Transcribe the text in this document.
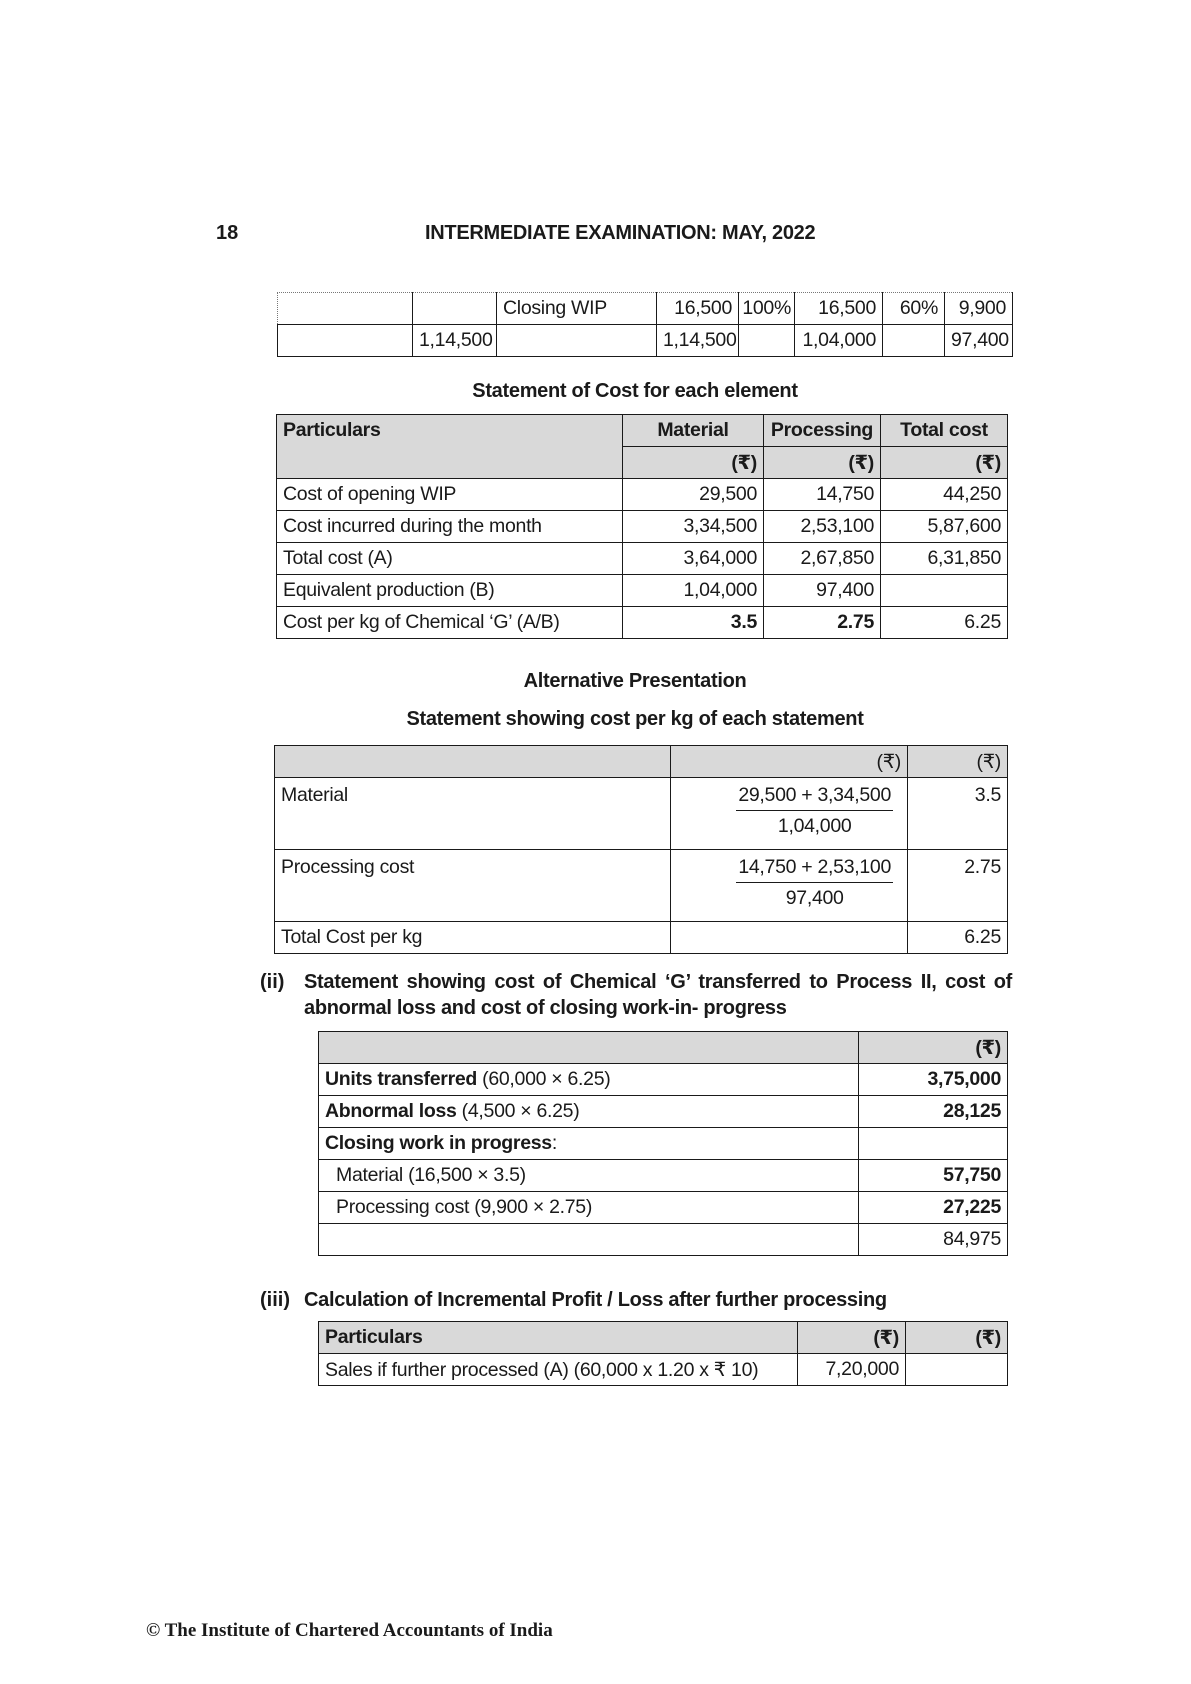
18	INTERMEDIATE EXAMINATION: MAY, 2022
		Closing WIP	16,500	100%	16,500	60%	9,900
	1,14,500		1,14,500		1,04,000		97,400
Statement of Cost for each element
Particulars	Material	Processing	Total cost
	(₹)	(₹)	(₹)
Cost of opening WIP	29,500	14,750	44,250
Cost incurred during the month	3,34,500	2,53,100	5,87,600
Total cost (A)	3,64,000	2,67,850	6,31,850
Equivalent production (B)	1,04,000	97,400	
Cost per kg of Chemical ‘G’ (A/B)	3.5	2.75	6.25
Alternative Presentation
Statement showing cost per kg of each statement
	(₹)	(₹)
Material	$\frac{29,500 + 3,34,500}{1,04,000}$	3.5
Processing cost	$\frac{14,750 + 2,53,100}{97,400}$	2.75
Total Cost per kg		6.25
(ii) Statement showing cost of Chemical ‘G’ transferred to Process II, cost of
abnormal loss and cost of closing work-in- progress
	(₹)
Units transferred (60,000 × 6.25)	3,75,000
Abnormal loss (4,500 × 6.25)	28,125
Closing work in progress:	
Material (16,500 × 3.5)	57,750
Processing cost (9,900 × 2.75)	27,225
	84,975
(iii) Calculation of Incremental Profit / Loss after further processing
Particulars	(₹)	(₹)
Sales if further processed (A) (60,000 x 1.20 x ₹ 10)	7,20,000	
© The Institute of Chartered Accountants of India
